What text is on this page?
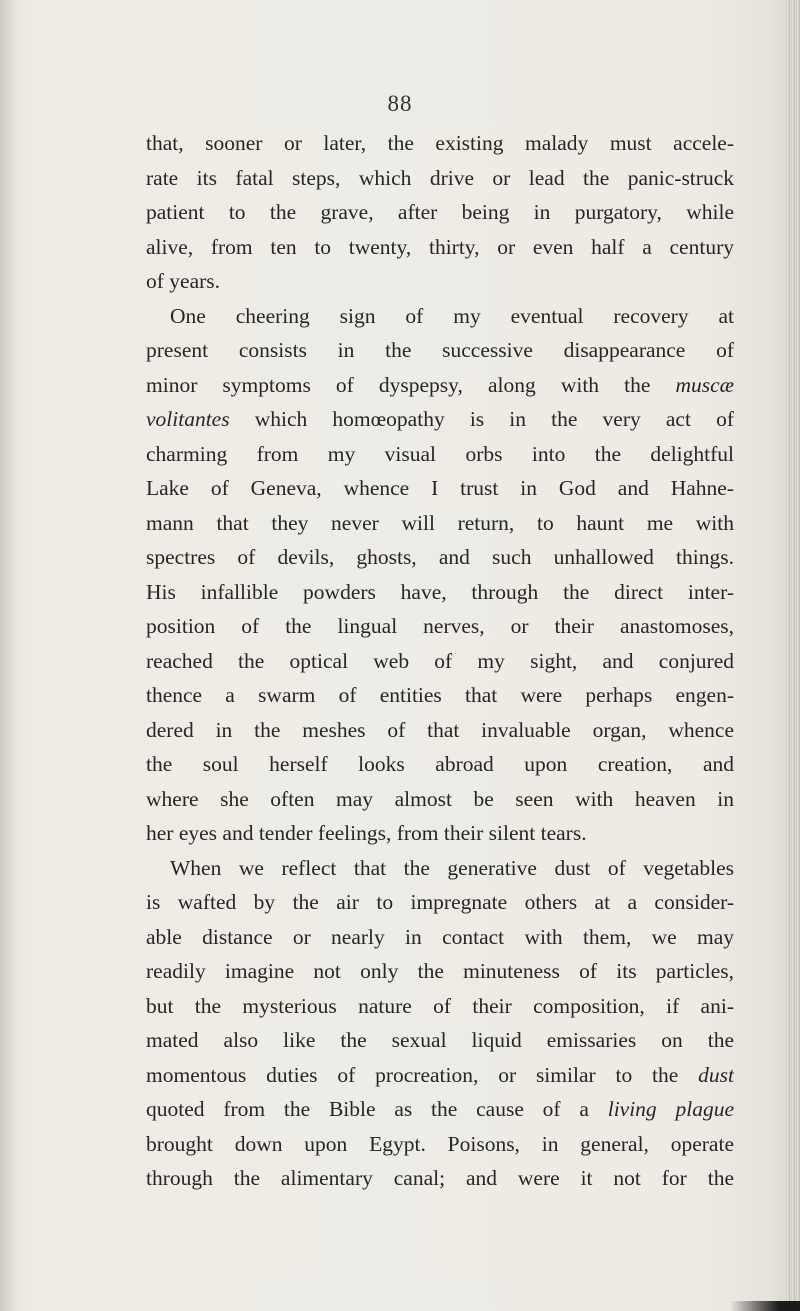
88
that, sooner or later, the existing malady must accele-
rate its fatal steps, which drive or lead the panic-struck
patient to the grave, after being in purgatory, while
alive, from ten to twenty, thirty, or even half a century
of years.
One cheering sign of my eventual recovery at
present consists in the successive disappearance of
minor symptoms of dyspepsy, along with the muscæ
volitantes which homœopathy is in the very act of
charming from my visual orbs into the delightful
Lake of Geneva, whence I trust in God and Hahne-
mann that they never will return, to haunt me with
spectres of devils, ghosts, and such unhallowed things.
His infallible powders have, through the direct inter-
position of the lingual nerves, or their anastomoses,
reached the optical web of my sight, and conjured
thence a swarm of entities that were perhaps engen-
dered in the meshes of that invaluable organ, whence
the soul herself looks abroad upon creation, and
where she often may almost be seen with heaven in
her eyes and tender feelings, from their silent tears.
When we reflect that the generative dust of vegetables
is wafted by the air to impregnate others at a consider-
able distance or nearly in contact with them, we may
readily imagine not only the minuteness of its particles,
but the mysterious nature of their composition, if ani-
mated also like the sexual liquid emissaries on the
momentous duties of procreation, or similar to the dust
quoted from the Bible as the cause of a living plague
brought down upon Egypt. Poisons, in general, operate
through the alimentary canal; and were it not for the
